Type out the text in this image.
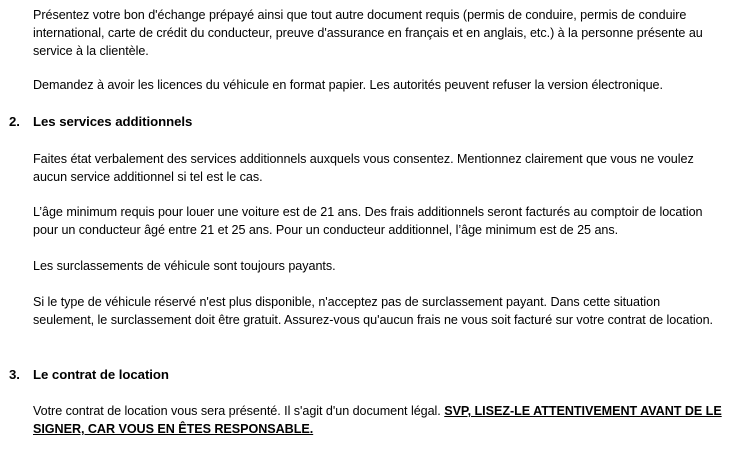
Présentez votre bon d'échange prépayé ainsi que tout autre document requis (permis de conduire, permis de conduire international, carte de crédit du conducteur, preuve d'assurance en français et en anglais, etc.) à la personne présente au service à la clientèle.

Demandez à avoir les licences du véhicule en format papier. Les autorités peuvent refuser la version électronique.

2. Les services additionnels

Faites état verbalement des services additionnels auxquels vous consentez. Mentionnez clairement que vous ne voulez aucun service additionnel si tel est le cas.

L’âge minimum requis pour louer une voiture est de 21 ans. Des frais additionnels seront facturés au comptoir de location pour un conducteur âgé entre 21 et 25 ans. Pour un conducteur additionnel, l’âge minimum est de 25 ans.

Les surclassements de véhicule sont toujours payants.

Si le type de véhicule réservé n'est plus disponible, n'acceptez pas de surclassement payant. Dans cette situation seulement, le surclassement doit être gratuit. Assurez-vous qu'aucun frais ne vous soit facturé sur votre contrat de location.

3. Le contrat de location

Votre contrat de location vous sera présenté. Il s'agit d'un document légal. SVP, LISEZ-LE ATTENTIVEMENT AVANT DE LE SIGNER, CAR VOUS EN ÊTES RESPONSABLE.
